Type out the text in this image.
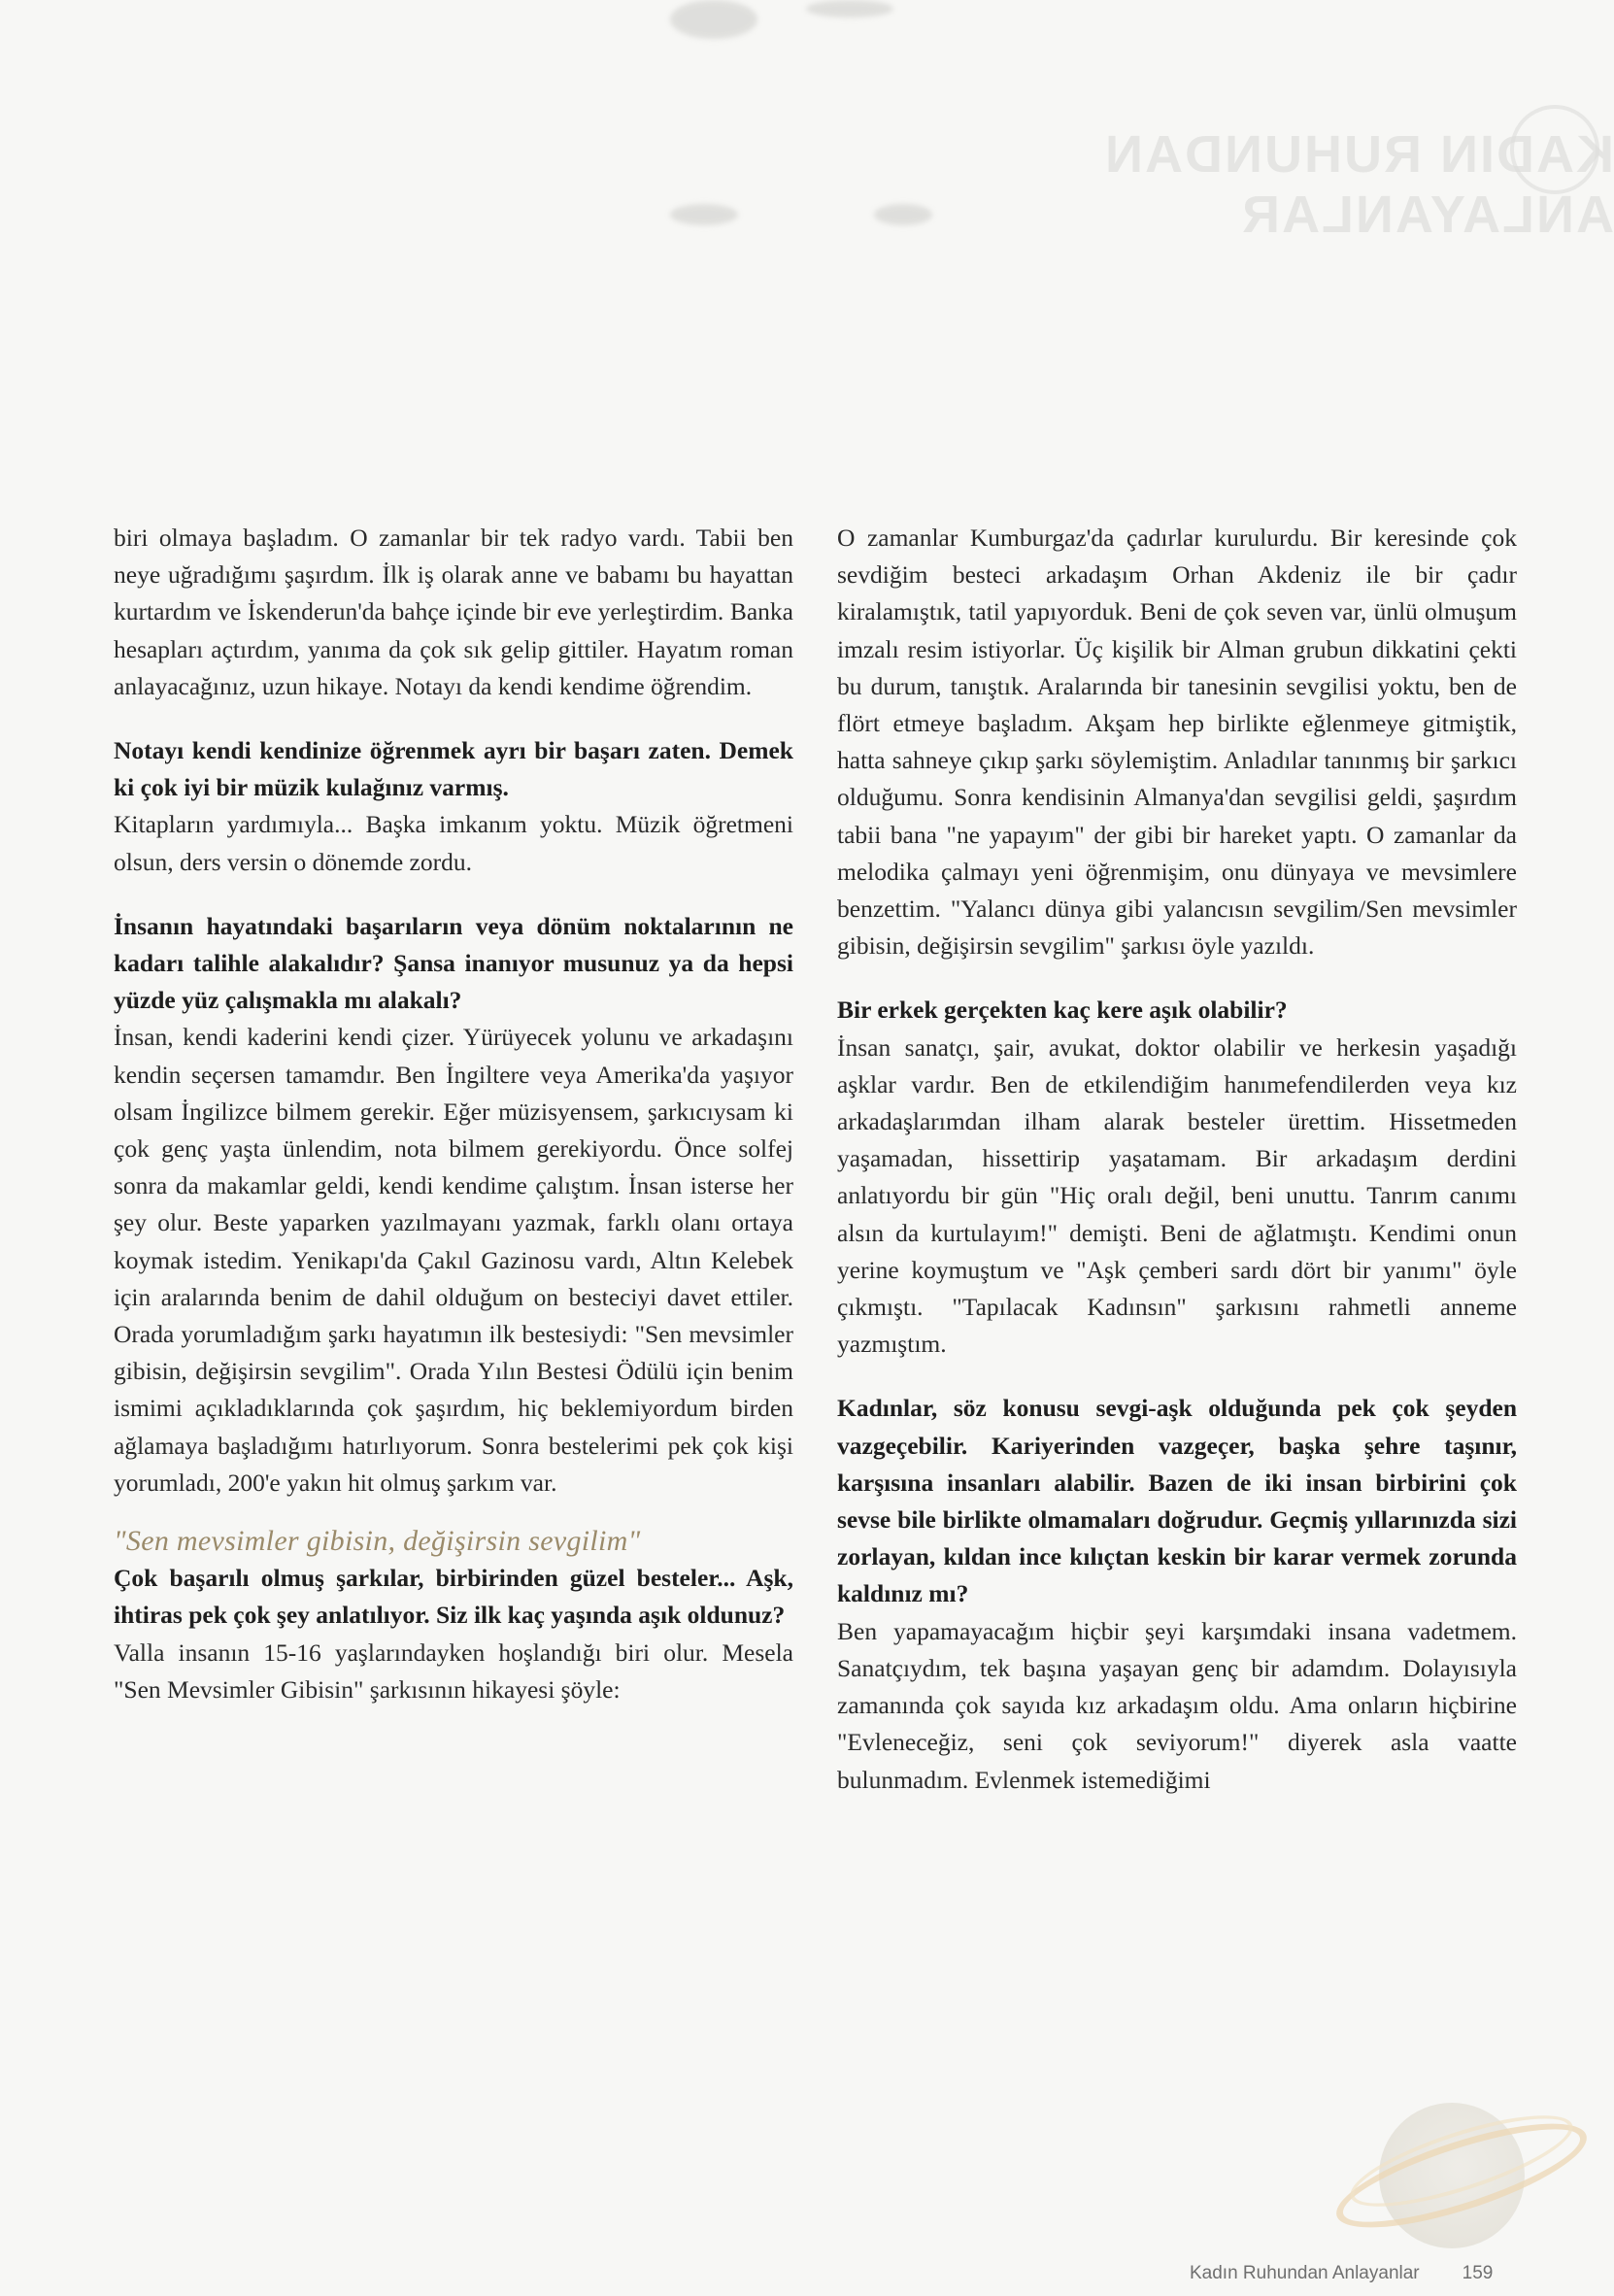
KADIN RUHUNDAN ANLAYANLAR

biri olmaya başladım. O zamanlar bir tek radyo vardı. Tabii ben neye uğradığımı şaşırdım. İlk iş olarak anne ve babamı bu hayattan kurtardım ve İskenderun'da bahçe içinde bir eve yerleştirdim. Banka hesapları açtırdım, yanıma da çok sık gelip gittiler. Hayatım roman anlayacağınız, uzun hikaye. Notayı da kendi kendime öğrendim.

Notayı kendi kendinize öğrenmek ayrı bir başarı zaten. Demek ki çok iyi bir müzik kulağınız varmış.

Kitapların yardımıyla... Başka imkanım yoktu. Müzik öğretmeni olsun, ders versin o dönemde zordu.

İnsanın hayatındaki başarıların veya dönüm noktalarının ne kadarı talihle alakalıdır? Şansa inanıyor musunuz ya da hepsi yüzde yüz çalışmakla mı alakalı?

İnsan, kendi kaderini kendi çizer. Yürüyecek yolunu ve arkadaşını kendin seçersen tamamdır. Ben İngiltere veya Amerika'da yaşıyor olsam İngilizce bilmem gerekir. Eğer müzisyensem, şarkıcıysam ki çok genç yaşta ünlendim, nota bilmem gerekiyordu. Önce solfej sonra da makamlar geldi, kendi kendime çalıştım. İnsan isterse her şey olur. Beste yaparken yazılmayanı yazmak, farklı olanı ortaya koymak istedim. Yenikapı'da Çakıl Gazinosu vardı, Altın Kelebek için aralarında benim de dahil olduğum on besteciyi davet ettiler. Orada yorumladığım şarkı hayatımın ilk bestesiydi: "Sen mevsimler gibisin, değişirsin sevgilim". Orada Yılın Bestesi Ödülü için benim ismimi açıkladıklarında çok şaşırdım, hiç beklemiyordum birden ağlamaya başladığımı hatırlıyorum. Sonra bestelerimi pek çok kişi yorumladı, 200'e yakın hit olmuş şarkım var.

"Sen mevsimler gibisin, değişirsin sevgilim"

Çok başarılı olmuş şarkılar, birbirinden güzel besteler... Aşk, ihtiras pek çok şey anlatılıyor. Siz ilk kaç yaşında aşık oldunuz?

Valla insanın 15-16 yaşlarındayken hoşlandığı biri olur. Mesela "Sen Mevsimler Gibisin" şarkısının hikayesi şöyle:

O zamanlar Kumburgaz'da çadırlar kurulurdu. Bir keresinde çok sevdiğim besteci arkadaşım Orhan Akdeniz ile bir çadır kiralamıştık, tatil yapıyorduk. Beni de çok seven var, ünlü olmuşum imzalı resim istiyorlar. Üç kişilik bir Alman grubun dikkatini çekti bu durum, tanıştık. Aralarında bir tanesinin sevgilisi yoktu, ben de flört etmeye başladım. Akşam hep birlikte eğlenmeye gitmiştik, hatta sahneye çıkıp şarkı söylemiştim. Anladılar tanınmış bir şarkıcı olduğumu. Sonra kendisinin Almanya'dan sevgilisi geldi, şaşırdım tabii bana "ne yapayım" der gibi bir hareket yaptı. O zamanlar da melodika çalmayı yeni öğrenmişim, onu dünyaya ve mevsimlere benzettim. "Yalancı dünya gibi yalancısın sevgilim/Sen mevsimler gibisin, değişirsin sevgilim" şarkısı öyle yazıldı.

Bir erkek gerçekten kaç kere aşık olabilir?

İnsan sanatçı, şair, avukat, doktor olabilir ve herkesin yaşadığı aşklar vardır. Ben de etkilendiğim hanımefendilerden veya kız arkadaşlarımdan ilham alarak besteler ürettim. Hissetmeden yaşamadan, hissettirip yaşatamam. Bir arkadaşım derdini anlatıyordu bir gün "Hiç oralı değil, beni unuttu. Tanrım canımı alsın da kurtulayım!" demişti. Beni de ağlatmıştı. Kendimi onun yerine koymuştum ve "Aşk çemberi sardı dört bir yanımı" öyle çıkmıştı. "Tapılacak Kadınsın" şarkısını rahmetli anneme yazmıştım.

Kadınlar, söz konusu sevgi-aşk olduğunda pek çok şeyden vazgeçebilir. Kariyerinden vazgeçer, başka şehre taşınır, karşısına insanları alabilir. Bazen de iki insan birbirini çok sevse bile birlikte olmamaları doğrudur. Geçmiş yıllarınızda sizi zorlayan, kıldan ince kılıçtan keskin bir karar vermek zorunda kaldınız mı?

Ben yapamayacağım hiçbir şeyi karşımdaki insana vadetmem. Sanatçıydım, tek başına yaşayan genç bir adamdım. Dolayısıyla zamanında çok sayıda kız arkadaşım oldu. Ama onların hiçbirine "Evleneceğiz, seni çok seviyorum!" diyerek asla vaatte bulunmadım. Evlenmek istemediğimi

Kadın Ruhundan Anlayanlar 159
